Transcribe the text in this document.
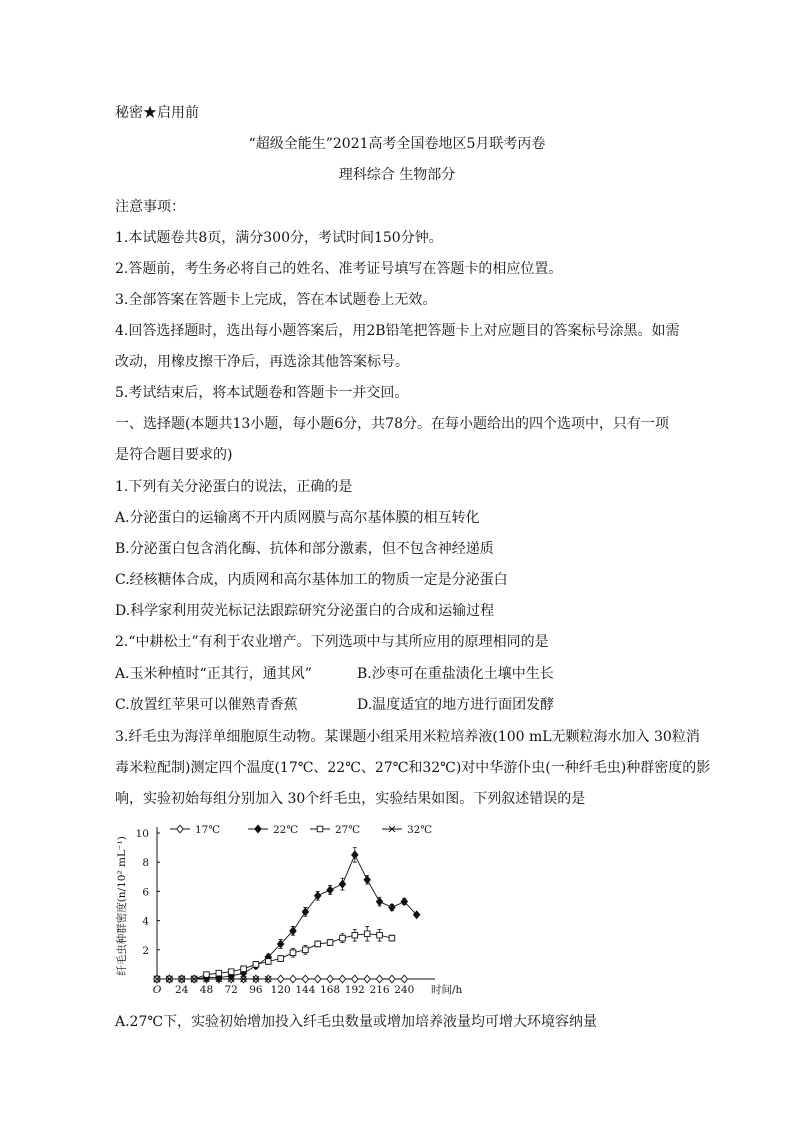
秘密★启用前
“超级全能生”2021高考全国卷地区5月联考丙卷
理科综合 生物部分
注意事项：
1.本试题卷共8页，满分300分，考试时间150分钟。
2.答题前，考生务必将自己的姓名、准考证号填写在答题卡的相应位置。
3.全部答案在答题卡上完成，答在本试题卷上无效。
4.回答选择题时，选出每小题答案后，用2B铅笔把答题卡上对应题目的答案标号涂黑。如需
改动，用橡皮擦干净后，再选涂其他答案标号。
5.考试结束后，将本试题卷和答题卡一并交回。
一、选择题(本题共13小题，每小题6分，共78分。在每小题给出的四个选项中，只有一项
是符合题目要求的)
1.下列有关分泌蛋白的说法，正确的是
A.分泌蛋白的运输离不开内质网膜与高尔基体膜的相互转化
B.分泌蛋白包含消化酶、抗体和部分激素，但不包含神经递质
C.经核糖体合成，内质网和高尔基体加工的物质一定是分泌蛋白
D.科学家利用荧光标记法跟踪研究分泌蛋白的合成和运输过程
2.“中耕松土”有利于农业增产。下列选项中与其所应用的原理相同的是
A.玉米种植时“正其行，通其风”	B.沙枣可在重盐渍化土壤中生长
C.放置红苹果可以催熟青香蕉	D.温度适宜的地方进行面团发酵
3.纤毛虫为海洋单细胞原生动物。某课题小组采用米粒培养液(100 mL无颗粒海水加入 30粒消
毒米粒配制)测定四个温度(17℃、22℃、27℃和32℃)对中华游仆虫(一种纤毛虫)种群密度的影
响，实验初始每组分别加入 30个纤毛虫，实验结果如图。下列叙述错误的是
O 24 48 72 96 120 144 168 192 216 240 时间/h
2
4
6
8
10
纤毛虫种群密度(n/10² mL⁻¹)
17℃	22℃	27℃	32℃
A.27℃下，实验初始增加投入纤毛虫数量或增加培养液量均可增大环境容纳量
